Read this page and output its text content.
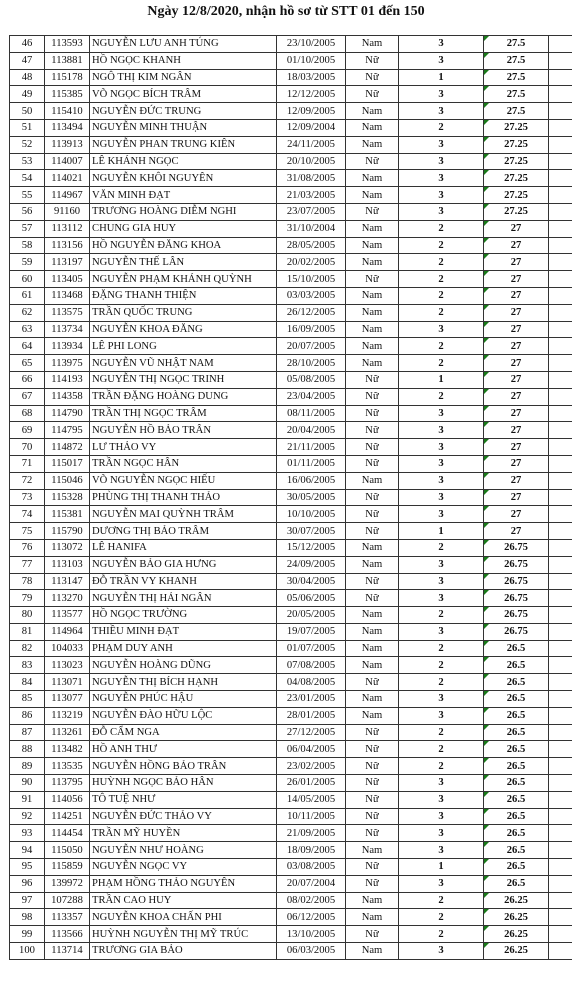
Ngày 12/8/2020, nhận hồ sơ từ STT 01 đến 150
46	113593	NGUYỄN LƯU ANH TÚNG	23/10/2005	Nam	3	27.5	
47	113881	HỒ NGỌC KHANH	01/10/2005	Nữ	3	27.5	
48	115178	NGÔ THỊ KIM NGÂN	18/03/2005	Nữ	1	27.5	
49	115385	VÕ NGỌC BÍCH TRÂM	12/12/2005	Nữ	3	27.5	
50	115410	NGUYỄN ĐỨC TRUNG	12/09/2005	Nam	3	27.5	
51	113494	NGUYỄN MINH THUẬN	12/09/2004	Nam	2	27.25	
52	113913	NGUYỄN PHAN TRUNG KIÊN	24/11/2005	Nam	3	27.25	
53	114007	LÊ KHÁNH NGỌC	20/10/2005	Nữ	3	27.25	
54	114021	NGUYỄN KHÔI NGUYÊN	31/08/2005	Nam	3	27.25	
55	114967	VĂN MINH ĐẠT	21/03/2005	Nam	3	27.25	
56	91160	TRƯƠNG HOÀNG DIỄM NGHI	23/07/2005	Nữ	3	27.25	
57	113112	CHUNG GIA HUY	31/10/2004	Nam	2	27	
58	113156	HỒ NGUYỄN ĐĂNG KHOA	28/05/2005	Nam	2	27	
59	113197	NGUYỄN THẾ LÂN	20/02/2005	Nam	2	27	
60	113405	NGUYỄN PHẠM KHÁNH QUỲNH	15/10/2005	Nữ	2	27	
61	113468	ĐẶNG THANH THIỆN	03/03/2005	Nam	2	27	
62	113575	TRẦN QUỐC TRUNG	26/12/2005	Nam	2	27	
63	113734	NGUYỄN KHOA ĐĂNG	16/09/2005	Nam	3	27	
64	113934	LÊ PHI LONG	20/07/2005	Nam	2	27	
65	113975	NGUYỄN VŨ NHẬT NAM	28/10/2005	Nam	2	27	
66	114193	NGUYỄN THỊ NGỌC TRINH	05/08/2005	Nữ	1	27	
67	114358	TRẦN ĐẶNG HOÀNG DUNG	23/04/2005	Nữ	2	27	
68	114790	TRẦN THỊ NGỌC TRÂM	08/11/2005	Nữ	3	27	
69	114795	NGUYỄN HỒ BẢO TRÂN	20/04/2005	Nữ	3	27	
70	114872	LƯ THẢO VY	21/11/2005	Nữ	3	27	
71	115017	TRẦN NGỌC HÂN	01/11/2005	Nữ	3	27	
72	115046	VÕ NGUYỄN NGỌC HIẾU	16/06/2005	Nam	3	27	
73	115328	PHÙNG THỊ THANH THẢO	30/05/2005	Nữ	3	27	
74	115381	NGUYỄN MAI QUỲNH TRÂM	10/10/2005	Nữ	3	27	
75	115790	DƯƠNG THỊ BẢO TRÂM	30/07/2005	Nữ	1	27	
76	113072	LÊ HANIFA	15/12/2005	Nam	2	26.75	
77	113103	NGUYỄN BẢO GIA HƯNG	24/09/2005	Nam	3	26.75	
78	113147	ĐỖ TRẦN VY KHANH	30/04/2005	Nữ	3	26.75	
79	113270	NGUYỄN THỊ HẢI NGÂN	05/06/2005	Nữ	3	26.75	
80	113577	HỒ NGỌC TRƯỜNG	20/05/2005	Nam	2	26.75	
81	114964	THIỀU MINH ĐẠT	19/07/2005	Nam	3	26.75	
82	104033	PHẠM DUY ANH	01/07/2005	Nam	2	26.5	
83	113023	NGUYỄN HOÀNG DŨNG	07/08/2005	Nam	2	26.5	
84	113071	NGUYỄN THỊ BÍCH HẠNH	04/08/2005	Nữ	2	26.5	
85	113077	NGUYỄN PHÚC HẬU	23/01/2005	Nam	3	26.5	
86	113219	NGUYỄN ĐÀO HỮU LỘC	28/01/2005	Nam	3	26.5	
87	113261	ĐỖ CẨM NGA	27/12/2005	Nữ	2	26.5	
88	113482	HỒ ANH THƯ	06/04/2005	Nữ	2	26.5	
89	113535	NGUYỄN HỒNG BẢO TRÂN	23/02/2005	Nữ	2	26.5	
90	113795	HUỲNH NGỌC BẢO HÂN	26/01/2005	Nữ	3	26.5	
91	114056	TÔ TUỆ NHƯ	14/05/2005	Nữ	3	26.5	
92	114251	NGUYỄN ĐỨC THẢO VY	10/11/2005	Nữ	3	26.5	
93	114454	TRẦN MỸ HUYỀN	21/09/2005	Nữ	3	26.5	
94	115050	NGUYỄN NHƯ HOÀNG	18/09/2005	Nam	3	26.5	
95	115859	NGUYỄN NGỌC VY	03/08/2005	Nữ	1	26.5	
96	139972	PHẠM HỒNG THẢO NGUYÊN	20/07/2004	Nữ	3	26.5	
97	107288	TRẦN CAO HUY	08/02/2005	Nam	2	26.25	
98	113357	NGUYỄN KHOA CHẤN PHI	06/12/2005	Nam	2	26.25	
99	113566	HUỲNH NGUYỄN THỊ MỸ TRÚC	13/10/2005	Nữ	2	26.25	
100	113714	TRƯƠNG GIA BẢO	06/03/2005	Nam	3	26.25	
